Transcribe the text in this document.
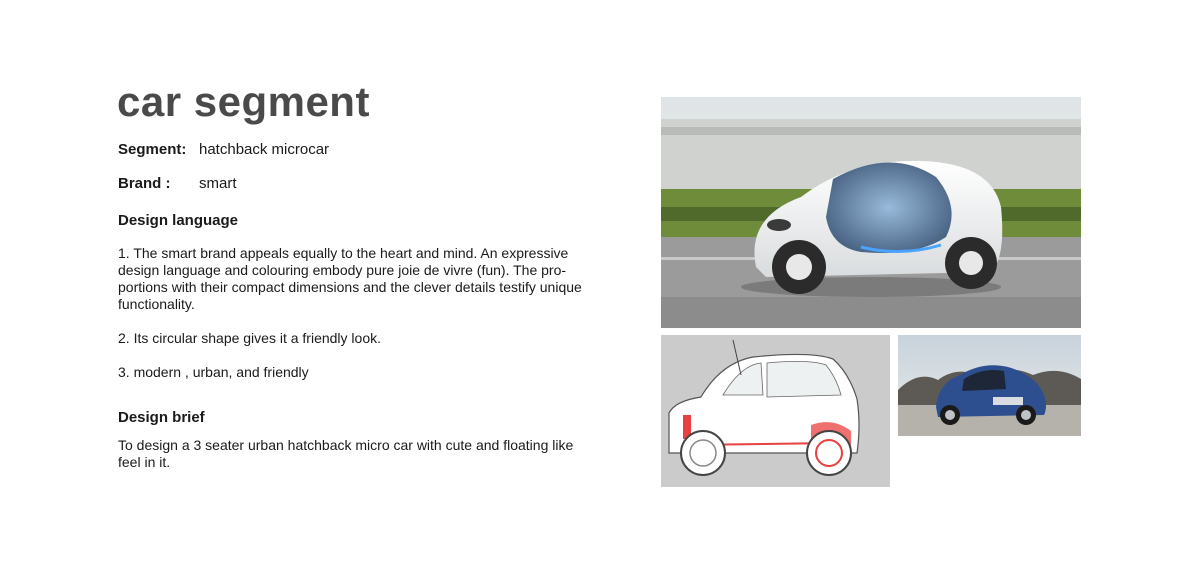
car segment
Segment: hatchback microcar
Brand : smart
Design language

1. The smart brand appeals equally to the heart and mind. An expressive design language and colouring embody pure joie de vivre (fun). The pro-portions with their compact dimensions and the clever details testify unique functionality.

2. Its circular shape gives it a friendly look.

3. modern , urban, and friendly

Design brief

To design a 3 seater urban hatchback micro car with cute and floating like feel in it.
